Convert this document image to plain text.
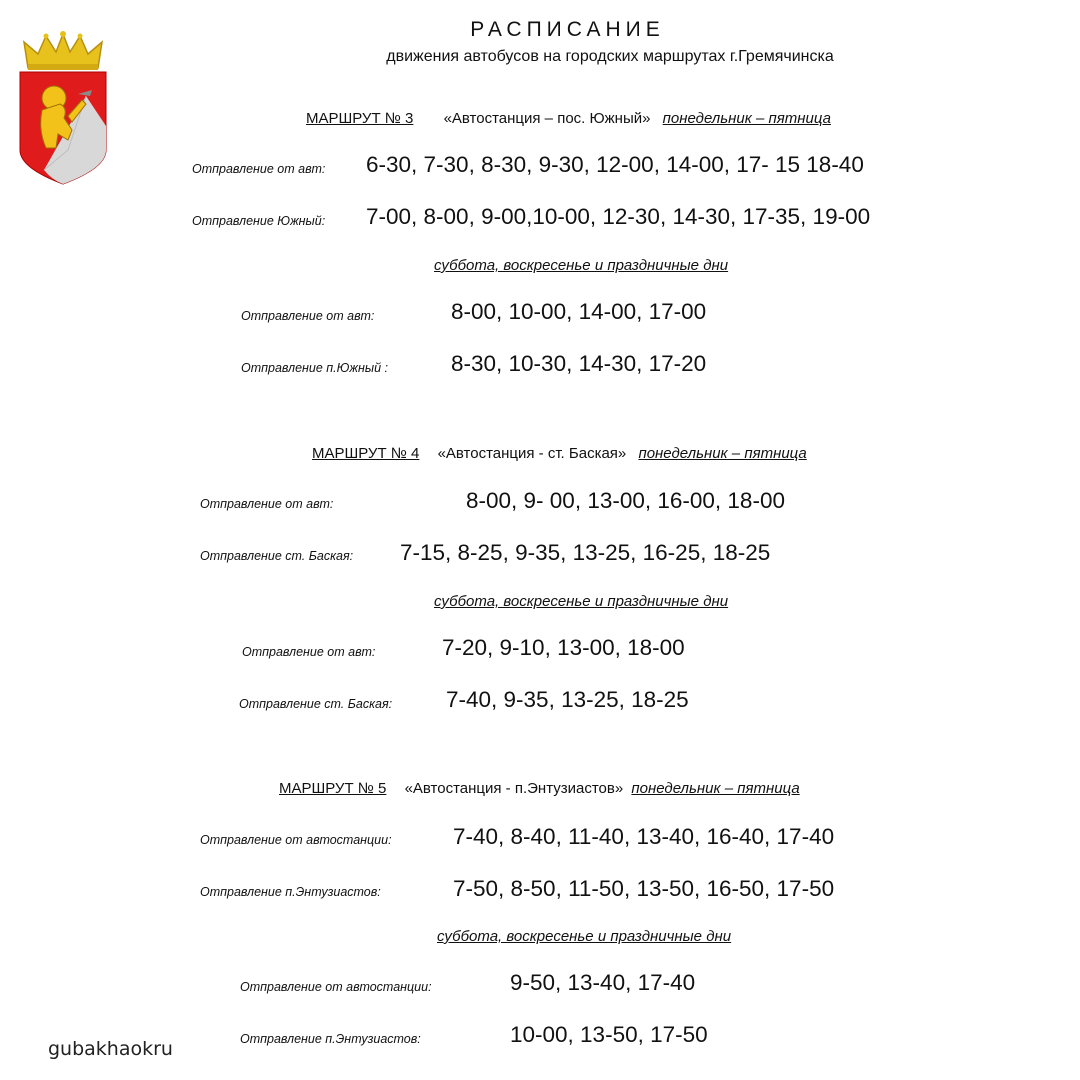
РАСПИСАНИЕ
движения автобусов на городских маршрутах г.Гремячинска
МАРШРУТ № 3 «Автостанция – пос. Южный» понедельник – пятница
Отправление от авт: 6-30, 7-30, 8-30, 9-30, 12-00, 14-00, 17- 15 18-40
Отправление Южный: 7-00, 8-00, 9-00,10-00, 12-30, 14-30, 17-35, 19-00
суббота, воскресенье и праздничные дни
Отправление от авт:	8-00, 10-00, 14-00, 17-00
Отправление п.Южный :	8-30, 10-30, 14-30, 17-20
МАРШРУТ № 4 «Автостанция - ст. Баская» понедельник – пятница
Отправление от авт:	8-00, 9- 00, 13-00, 16-00, 18-00
Отправление ст. Баская: 7-15, 8-25, 9-35, 13-25, 16-25, 18-25
суббота, воскресенье и праздничные дни
Отправление от авт:	7-20, 9-10, 13-00, 18-00
Отправление ст. Баская: 7-40, 9-35, 13-25, 18-25
МАРШРУТ № 5 «Автостанция - п.Энтузиастов» понедельник – пятница
Отправление от автостанции:	7-40, 8-40, 11-40, 13-40, 16-40, 17-40
Отправление п.Энтузиастов:	7-50, 8-50, 11-50, 13-50, 16-50, 17-50
суббота, воскресенье и праздничные дни
Отправление от автостанции:	9-50, 13-40, 17-40
Отправление п.Энтузиастов:	10-00, 13-50, 17-50
gubakhaokru
